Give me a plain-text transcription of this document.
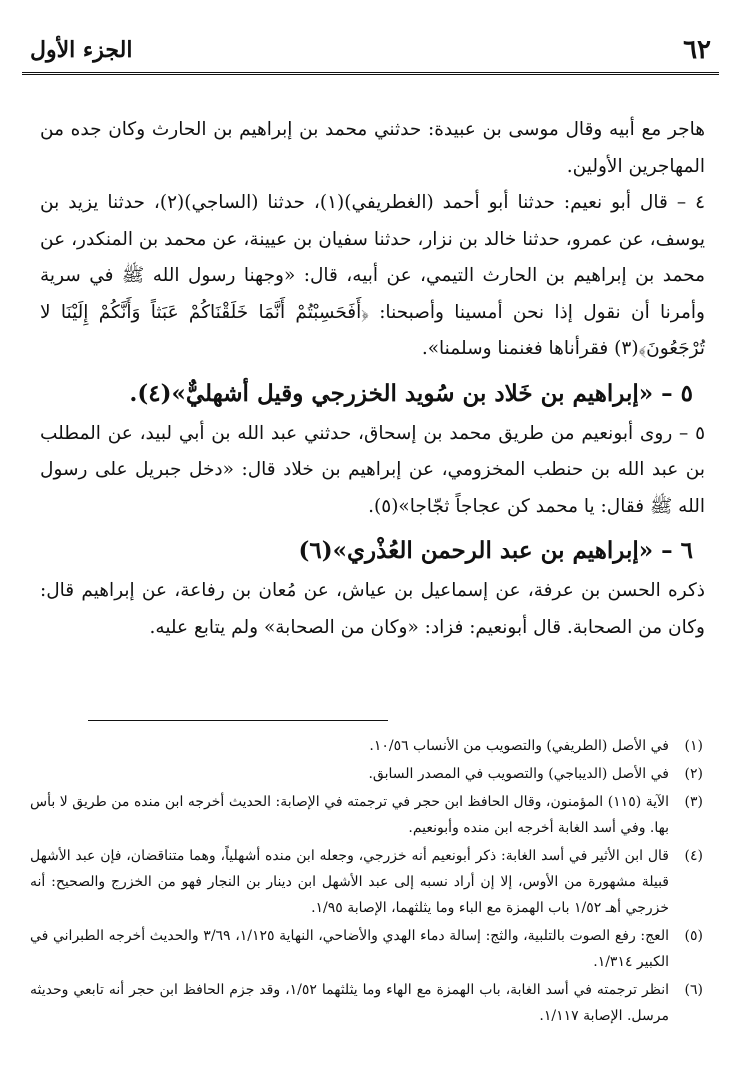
٦٢
الجزء الأول

هاجر مع أبيه وقال موسى بن عبيدة: حدثني محمد بن إبراهيم بن الحارث وكان جده من المهاجرين الأولين.

٤ – قال أبو نعيم: حدثنا أبو أحمد (الغطريفي)(١)، حدثنا (الساجي)(٢)، حدثنا يزيد بن يوسف، عن عمرو، حدثنا خالد بن نزار، حدثنا سفيان بن عيينة، عن محمد بن المنكدر، عن محمد بن إبراهيم بن الحارث التيمي، عن أبيه، قال: «وجهنا رسول الله ﷺ في سرية وأمرنا أن نقول إذا نحن أمسينا وأصبحنا: ﴿أَفَحَسِبْتُمْ أَنَّمَا خَلَقْنَاكُمْ عَبَثاً وَأَنَّكُمْ إِلَيْنَا لا تُرْجَعُونَ﴾(٣) فقرأناها فغنمنا وسلمنا».

٥ – «إبراهيم بن خَلاد بن سُويد الخزرجي وقيل أشهليٌّ»(٤).

٥ – روى أبونعيم من طريق محمد بن إسحاق، حدثني عبد الله بن أبي لبيد، عن المطلب بن عبد الله بن حنطب المخزومي، عن إبراهيم بن خلاد قال: «دخل جبريل على رسول الله ﷺ فقال: يا محمد كن عجاجاً ثجّاجا»(٥).

٦ – «إبراهيم بن عبد الرحمن العُذْري»(٦)

ذكره الحسن بن عرفة، عن إسماعيل بن عياش، عن مُعان بن رفاعة، عن إبراهيم قال: وكان من الصحابة. قال أبونعيم: فزاد: «وكان من الصحابة» ولم يتابع عليه.

(١)
في الأصل (الطريفي) والتصويب من الأنساب ١٠/٥٦.
(٢)
في الأصل (الديباجي) والتصويب في المصدر السابق.
(٣)
الآية (١١٥) المؤمنون، وقال الحافظ ابن حجر في ترجمته في الإصابة: الحديث أخرجه ابن منده من طريق لا بأس بها. وفي أسد الغابة أخرجه ابن منده وأبونعيم.
(٤)
قال ابن الأثير في أسد الغابة: ذكر أبونعيم أنه خزرجي، وجعله ابن منده أشهلياً، وهما متناقضان، فإن عبد الأشهل قبيلة مشهورة من الأوس، إلا إن أراد نسبه إلى عبد الأشهل ابن دينار بن النجار فهو من الخزرج والصحيح: أنه خزرجي أهـ ١/٥٢ باب الهمزة مع الباء وما يثلثهما، الإصابة ١/٩٥.
(٥)
العج: رفع الصوت بالتلبية، والثج: إسالة دماء الهدي والأضاحي، النهاية ١/١٢٥، ٣/٦٩ والحديث أخرجه الطبراني في الكبير ١/٣١٤.
(٦)
انظر ترجمته في أسد الغابة، باب الهمزة مع الهاء وما يثلثهما ١/٥٢، وقد جزم الحافظ ابن حجر أنه تابعي وحديثه مرسل. الإصابة ١/١١٧.
